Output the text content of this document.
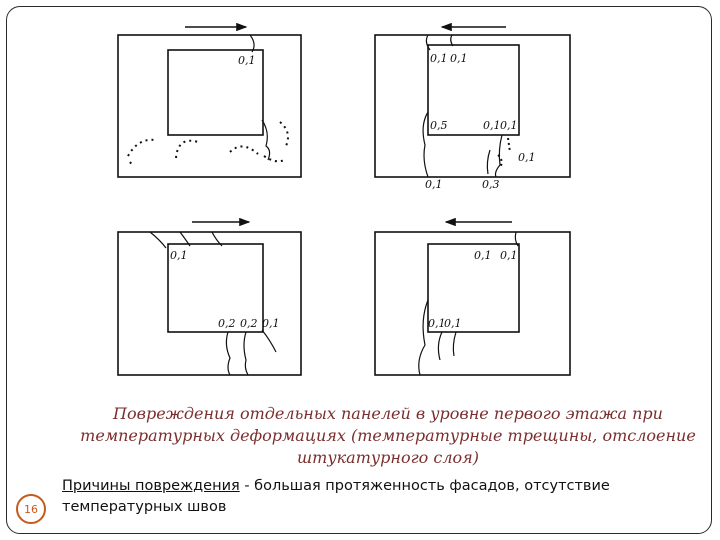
0,1	0,1 0,1
0,5	0,1 0,1
0,1
0,1	0,3
0,1
0,2 0,2 0,1
0,1 0,1
0,1
0,1
Повреждения отдельных панелей в уровне первого этажа при температурных деформациях (температурные трещины, отслоение штукатурного слоя)
Причины повреждения - большая протяженность фасадов, отсутствие температурных швов
16
